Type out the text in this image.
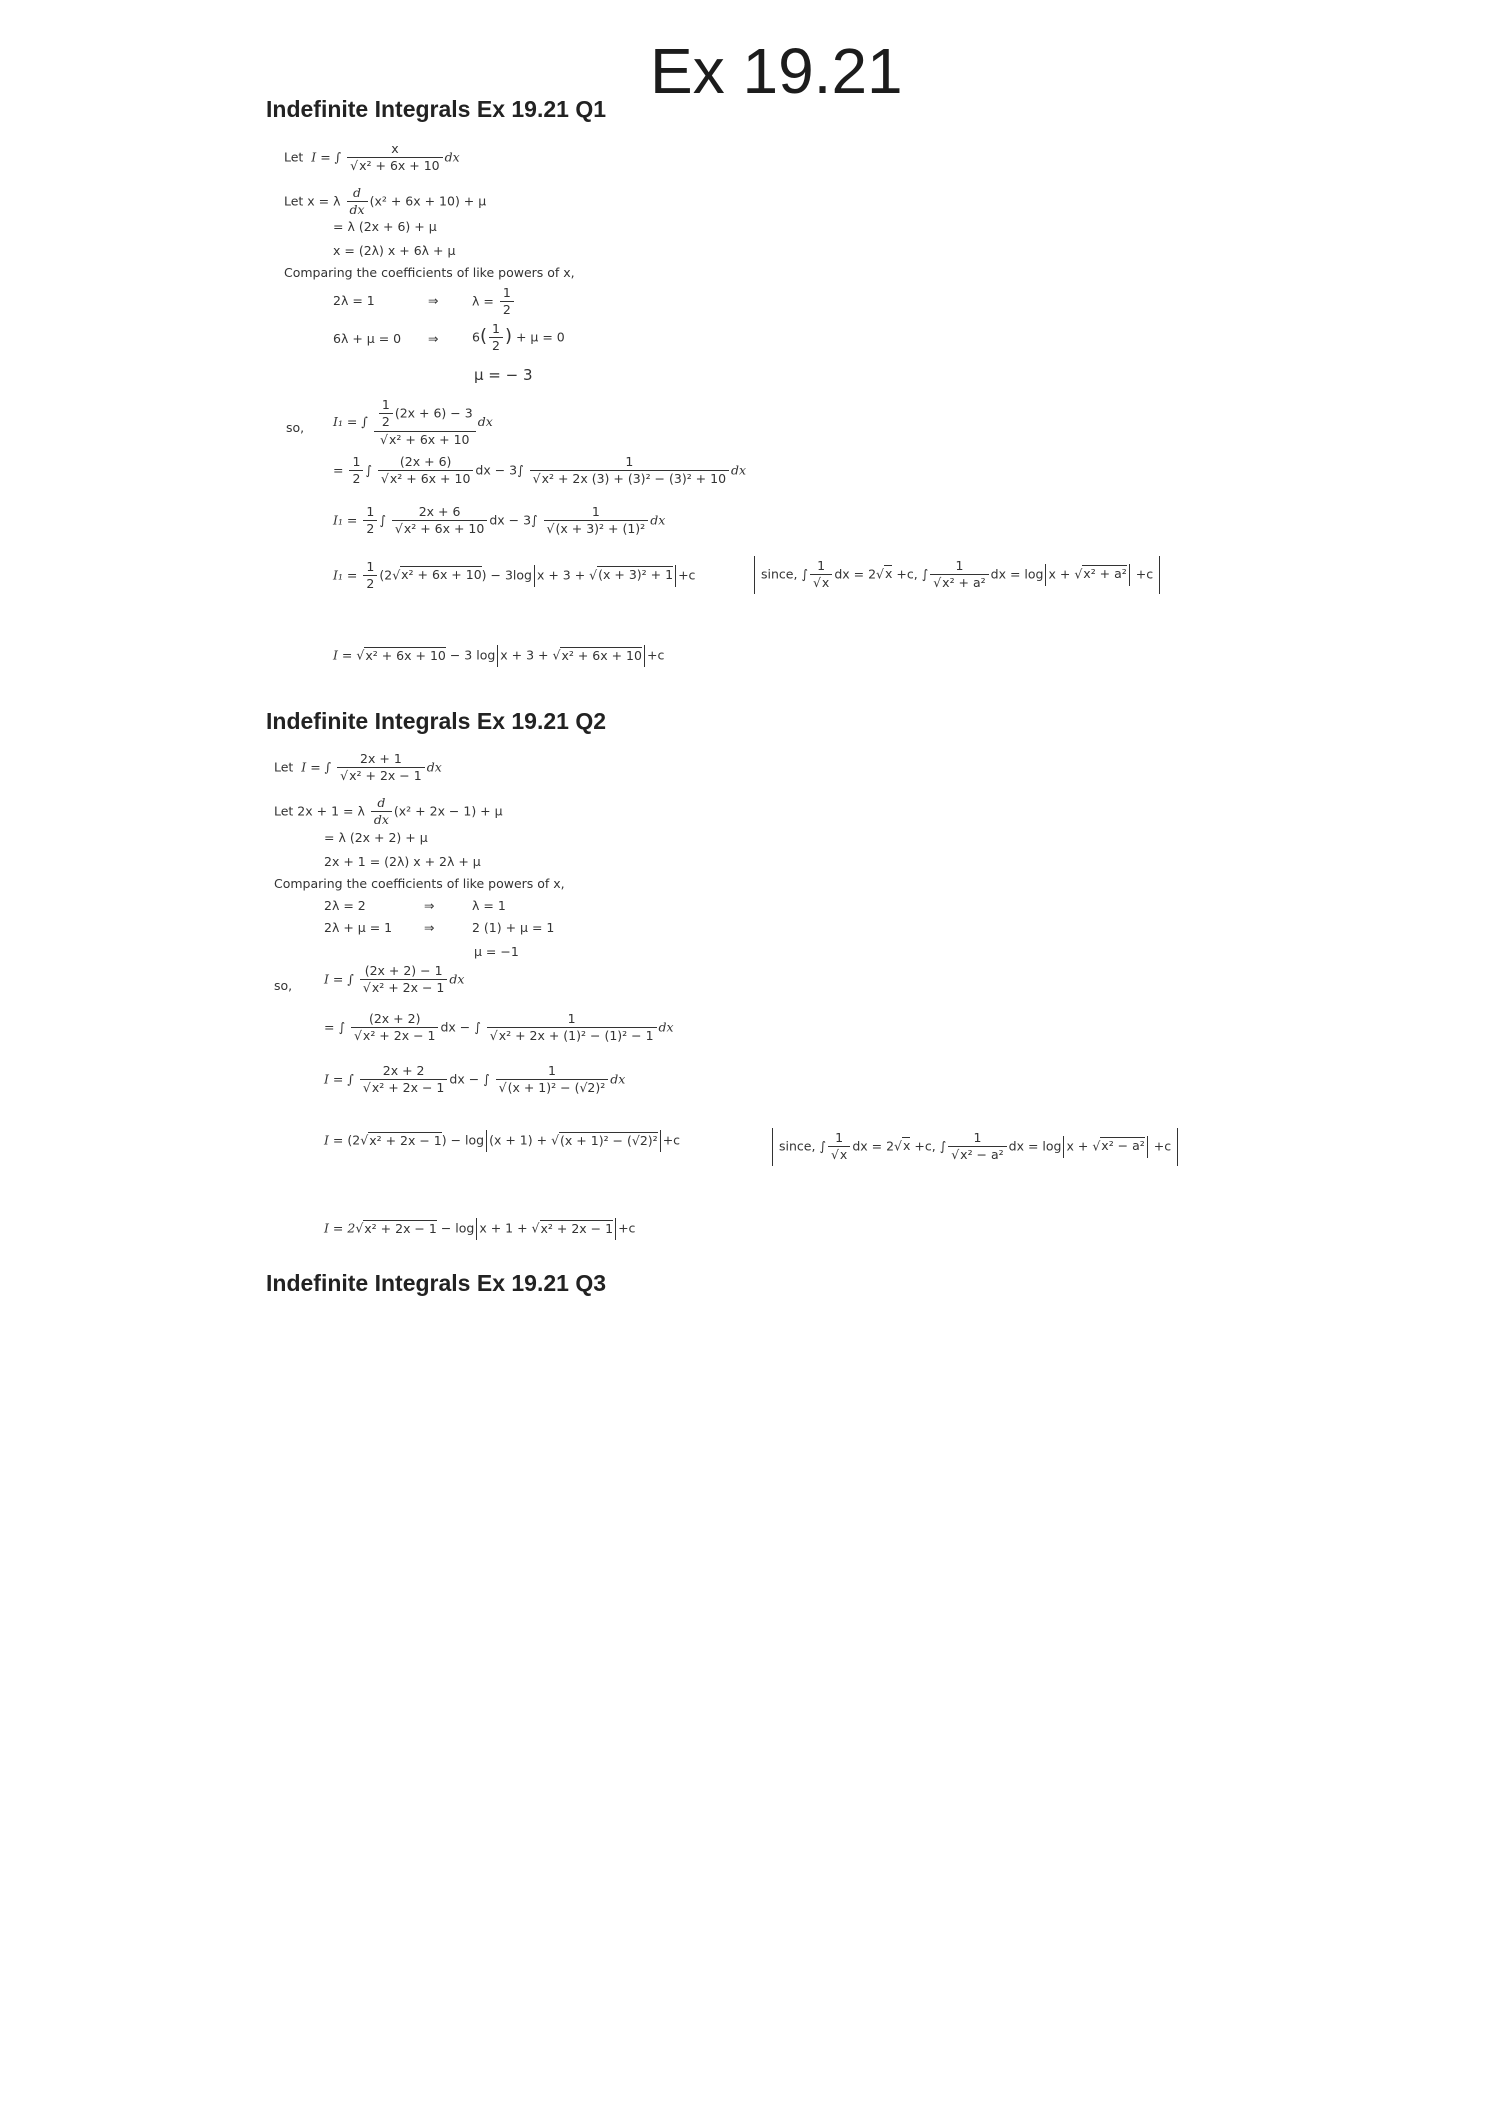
Ex 19.21
Indefinite Integrals Ex 19.21 Q1
Let I = ∫ $\frac{x}{\text{√x² + 6x + 10}}$ dx
Let x = λ $\frac{d}{dx} (x^2 + 6x + 10) + \mu$
= λ (2x + 6) + μ
x = (2λ) x + 6λ + μ
Comparing the coefficients of like powers of x,
2λ = 1	⇒	$\lambda = \frac{1}{2}$
6λ + μ = 0 ⇒	$6( \frac{1}{2}$ ) + μ = 0
μ = − 3
so, I₁ = ∫ $\frac{\frac{1}{2} (2x + 6) - 3}{\text{√x² + 6x + 10}}$ dx
= $\frac{1}{2}$ ∫ $\frac{(2x + 6)}{\text{√x² + 6x + 10}}$ dx − $3\int \frac{1}{\text{√x² + 2x (3) + (3)² − (3)² + 10}}$ dx
$I_1 = \frac{1}{2}$ ∫ $\frac{2x + 6}{\text{√x² + 6x + 10}}$ dx − $3\int \frac{1}{\text{√(x + 3)² + (1)²}}$ dx
$I_1 = \frac{1}{2} (2√x^2 + 6x + 10) - 3\log$ x + 3 + √(x + 3)² + 1 +c	since, ∫ $\frac{1}{√x}$ dx = 2√x +c, ∫ $\frac{1}{\text{√x² + a²}}$ dx = log x + √x² + a² +c
I = √x² + 6x + 10 − 3 log x + 3 + √x² + 6x + 10 +c
Indefinite Integrals Ex 19.21 Q2
Let I = ∫ $\frac{2x + 1}{\text{√x² + 2x − 1}}$ dx
Let 2x + 1 = λ $\frac{d}{dx} (x^2 + 2x - 1) + \mu$
= λ (2x + 2) + μ
2x + 1 = (2λ) x + 2λ + μ
Comparing the coefficients of like powers of x,
2λ = 2	⇒	λ = 1
2λ + μ = 1	⇒	2 (1) + μ = 1
μ = −1
so,	I = ∫ $\frac{(2x + 2) - 1}{\text{√x² + 2x − 1}}$ dx
= ∫ $\frac{(2x + 2)}{\text{√x² + 2x − 1}}$ dx − ∫ $\frac{1}{\text{√x² + 2x + (1)² − (1)² − 1}}$ dx
I = ∫ $\frac{2x + 2}{\text{√x² + 2x − 1}}$ dx − ∫ $\frac{1}{\text{√(x + 1)² − (√2)²}}$ dx
I = (2√x² + 2x − 1) − log (x + 1) + √(x + 1)² − (√2)² +c	since, ∫ $\frac{1}{√x}$ dx = 2√x +c, ∫ $\frac{1}{\text{√x² − a²}}$ dx = log x + √x² − a² +c
I = 2√x² + 2x − 1 − log x + 1 + √x² + 2x − 1 +c
Indefinite Integrals Ex 19.21 Q3
